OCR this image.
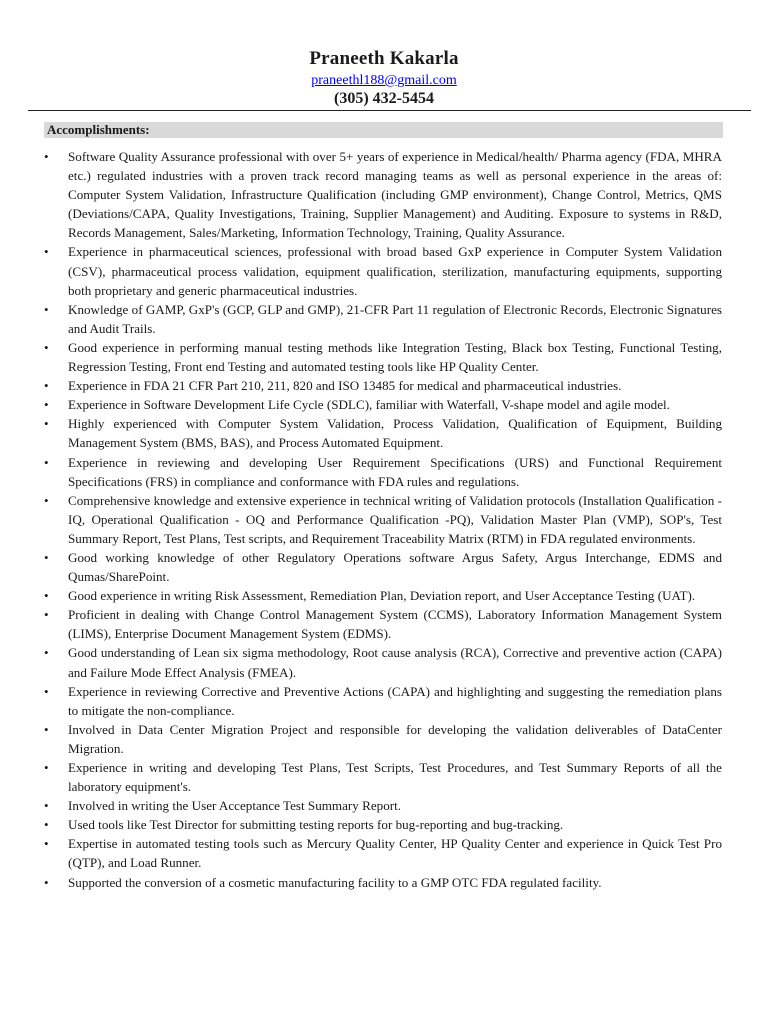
Praneeth Kakarla
praneethl188@gmail.com
(305) 432-5454
Accomplishments:
• Software Quality Assurance professional with over 5+ years of experience in Medical/health/ Pharma agency (FDA, MHRA etc.) regulated industries with a proven track record managing teams as well as personal experience in the areas of: Computer System Validation, Infrastructure Qualification (including GMP environment), Change Control, Metrics, QMS (Deviations/CAPA, Quality Investigations, Training, Supplier Management) and Auditing. Exposure to systems in R&D, Records Management, Sales/Marketing, Information Technology, Training, Quality Assurance.
• Experience in pharmaceutical sciences, professional with broad based GxP experience in Computer System Validation (CSV), pharmaceutical process validation, equipment qualification, sterilization, manufacturing equipments, supporting both proprietary and generic pharmaceutical industries.
• Knowledge of GAMP, GxP's (GCP, GLP and GMP), 21-CFR Part 11 regulation of Electronic Records, Electronic Signatures and Audit Trails.
• Good experience in performing manual testing methods like Integration Testing, Black box Testing, Functional Testing, Regression Testing, Front end Testing and automated testing tools like HP Quality Center.
• Experience in FDA 21 CFR Part 210, 211, 820 and ISO 13485 for medical and pharmaceutical industries.
• Experience in Software Development Life Cycle (SDLC), familiar with Waterfall, V-shape model and agile model.
• Highly experienced with Computer System Validation, Process Validation, Qualification of Equipment, Building Management System (BMS, BAS), and Process Automated Equipment.
• Experience in reviewing and developing User Requirement Specifications (URS) and Functional Requirement Specifications (FRS) in compliance and conformance with FDA rules and regulations.
• Comprehensive knowledge and extensive experience in technical writing of Validation protocols (Installation Qualification - IQ, Operational Qualification - OQ and Performance Qualification -PQ), Validation Master Plan (VMP), SOP's, Test Summary Report, Test Plans, Test scripts, and Requirement Traceability Matrix (RTM) in FDA regulated environments.
• Good working knowledge of other Regulatory Operations software Argus Safety, Argus Interchange, EDMS and Qumas/SharePoint.
• Good experience in writing Risk Assessment, Remediation Plan, Deviation report, and User Acceptance Testing (UAT).
• Proficient in dealing with Change Control Management System (CCMS), Laboratory Information Management System (LIMS), Enterprise Document Management System (EDMS).
• Good understanding of Lean six sigma methodology, Root cause analysis (RCA), Corrective and preventive action (CAPA) and Failure Mode Effect Analysis (FMEA).
• Experience in reviewing Corrective and Preventive Actions (CAPA) and highlighting and suggesting the remediation plans to mitigate the non-compliance.
• Involved in Data Center Migration Project and responsible for developing the validation deliverables of DataCenter Migration.
• Experience in writing and developing Test Plans, Test Scripts, Test Procedures, and Test Summary Reports of all the laboratory equipment's.
• Involved in writing the User Acceptance Test Summary Report.
• Used tools like Test Director for submitting testing reports for bug-reporting and bug-tracking.
• Expertise in automated testing tools such as Mercury Quality Center, HP Quality Center and experience in Quick Test Pro (QTP), and Load Runner.
• Supported the conversion of a cosmetic manufacturing facility to a GMP OTC FDA regulated facility.
